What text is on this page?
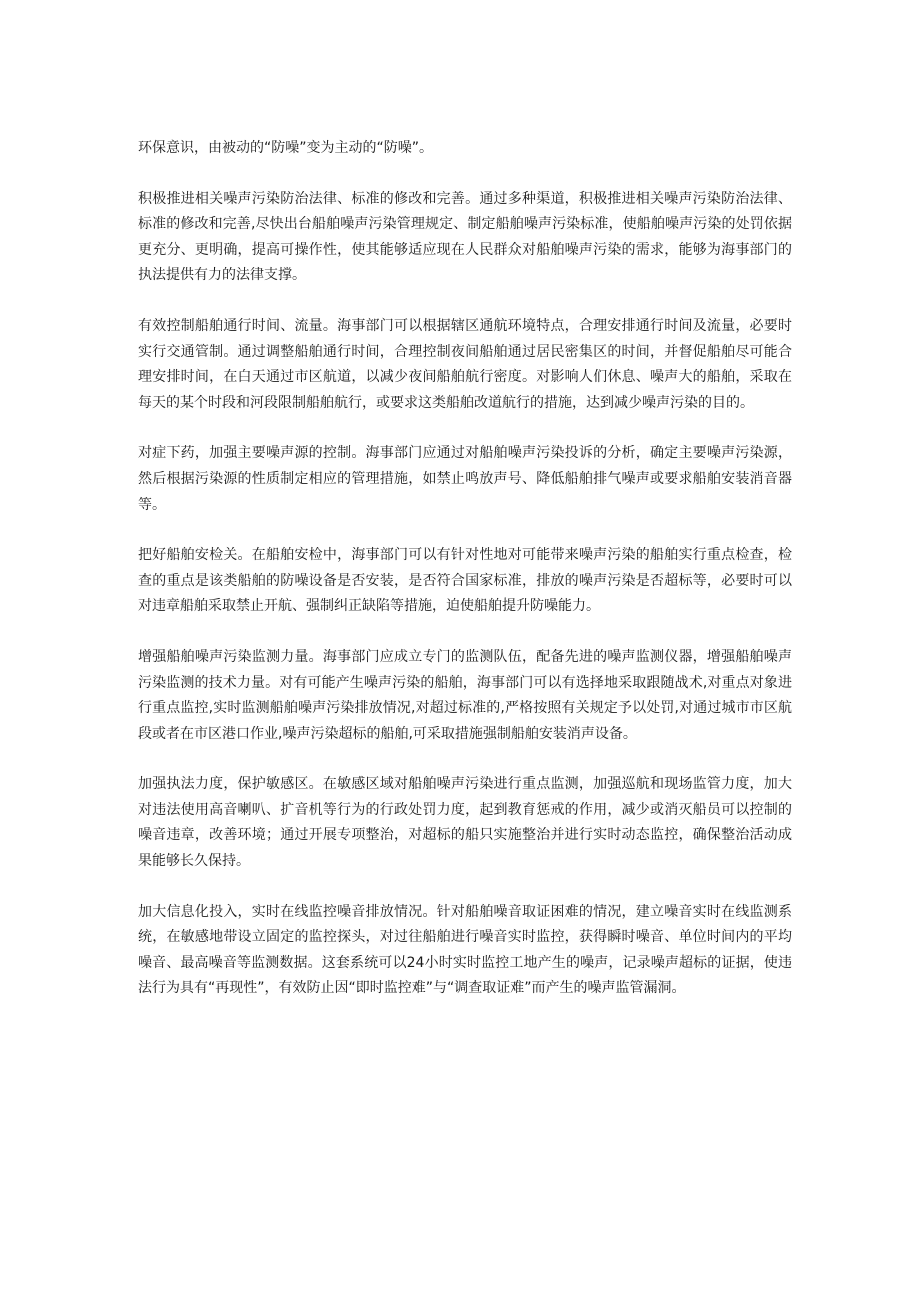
环保意识，由被动的“防噪”变为主动的“防噪”。

积极推进相关噪声污染防治法律、标准的修改和完善。通过多种渠道，积极推进相关噪声污染防治法律、标准的修改和完善,尽快出台船舶噪声污染管理规定、制定船舶噪声污染标准，使船舶噪声污染的处罚依据更充分、更明确，提高可操作性，使其能够适应现在人民群众对船舶噪声污染的需求，能够为海事部门的执法提供有力的法律支撑。

有效控制船舶通行时间、流量。海事部门可以根据辖区通航环境特点，合理安排通行时间及流量，必要时实行交通管制。通过调整船舶通行时间，合理控制夜间船舶通过居民密集区的时间，并督促船舶尽可能合理安排时间，在白天通过市区航道，以减少夜间船舶航行密度。对影响人们休息、噪声大的船舶，采取在每天的某个时段和河段限制船舶航行，或要求这类船舶改道航行的措施，达到减少噪声污染的目的。

对症下药，加强主要噪声源的控制。海事部门应通过对船舶噪声污染投诉的分析，确定主要噪声污染源，然后根据污染源的性质制定相应的管理措施，如禁止鸣放声号、降低船舶排气噪声或要求船舶安装消音器等。

把好船舶安检关。在船舶安检中，海事部门可以有针对性地对可能带来噪声污染的船舶实行重点检查，检查的重点是该类船舶的防噪设备是否安装，是否符合国家标准，排放的噪声污染是否超标等，必要时可以对违章船舶采取禁止开航、强制纠正缺陷等措施，迫使船舶提升防噪能力。

增强船舶噪声污染监测力量。海事部门应成立专门的监测队伍，配备先进的噪声监测仪器，增强船舶噪声污染监测的技术力量。对有可能产生噪声污染的船舶，海事部门可以有选择地采取跟随战术,对重点对象进行重点监控,实时监测船舶噪声污染排放情况,对超过标准的,严格按照有关规定予以处罚,对通过城市市区航段或者在市区港口作业,噪声污染超标的船舶,可采取措施强制船舶安装消声设备。

加强执法力度，保护敏感区。在敏感区域对船舶噪声污染进行重点监测，加强巡航和现场监管力度，加大对违法使用高音喇叭、扩音机等行为的行政处罚力度，起到教育惩戒的作用，减少或消灭船员可以控制的噪音违章，改善环境；通过开展专项整治，对超标的船只实施整治并进行实时动态监控，确保整治活动成果能够长久保持。

加大信息化投入，实时在线监控噪音排放情况。针对船舶噪音取证困难的情况，建立噪音实时在线监测系统，在敏感地带设立固定的监控探头，对过往船舶进行噪音实时监控，获得瞬时噪音、单位时间内的平均噪音、最高噪音等监测数据。这套系统可以24小时实时监控工地产生的噪声，记录噪声超标的证据，使违法行为具有“再现性”，有效防止因“即时监控难”与“调查取证难”而产生的噪声监管漏洞。
